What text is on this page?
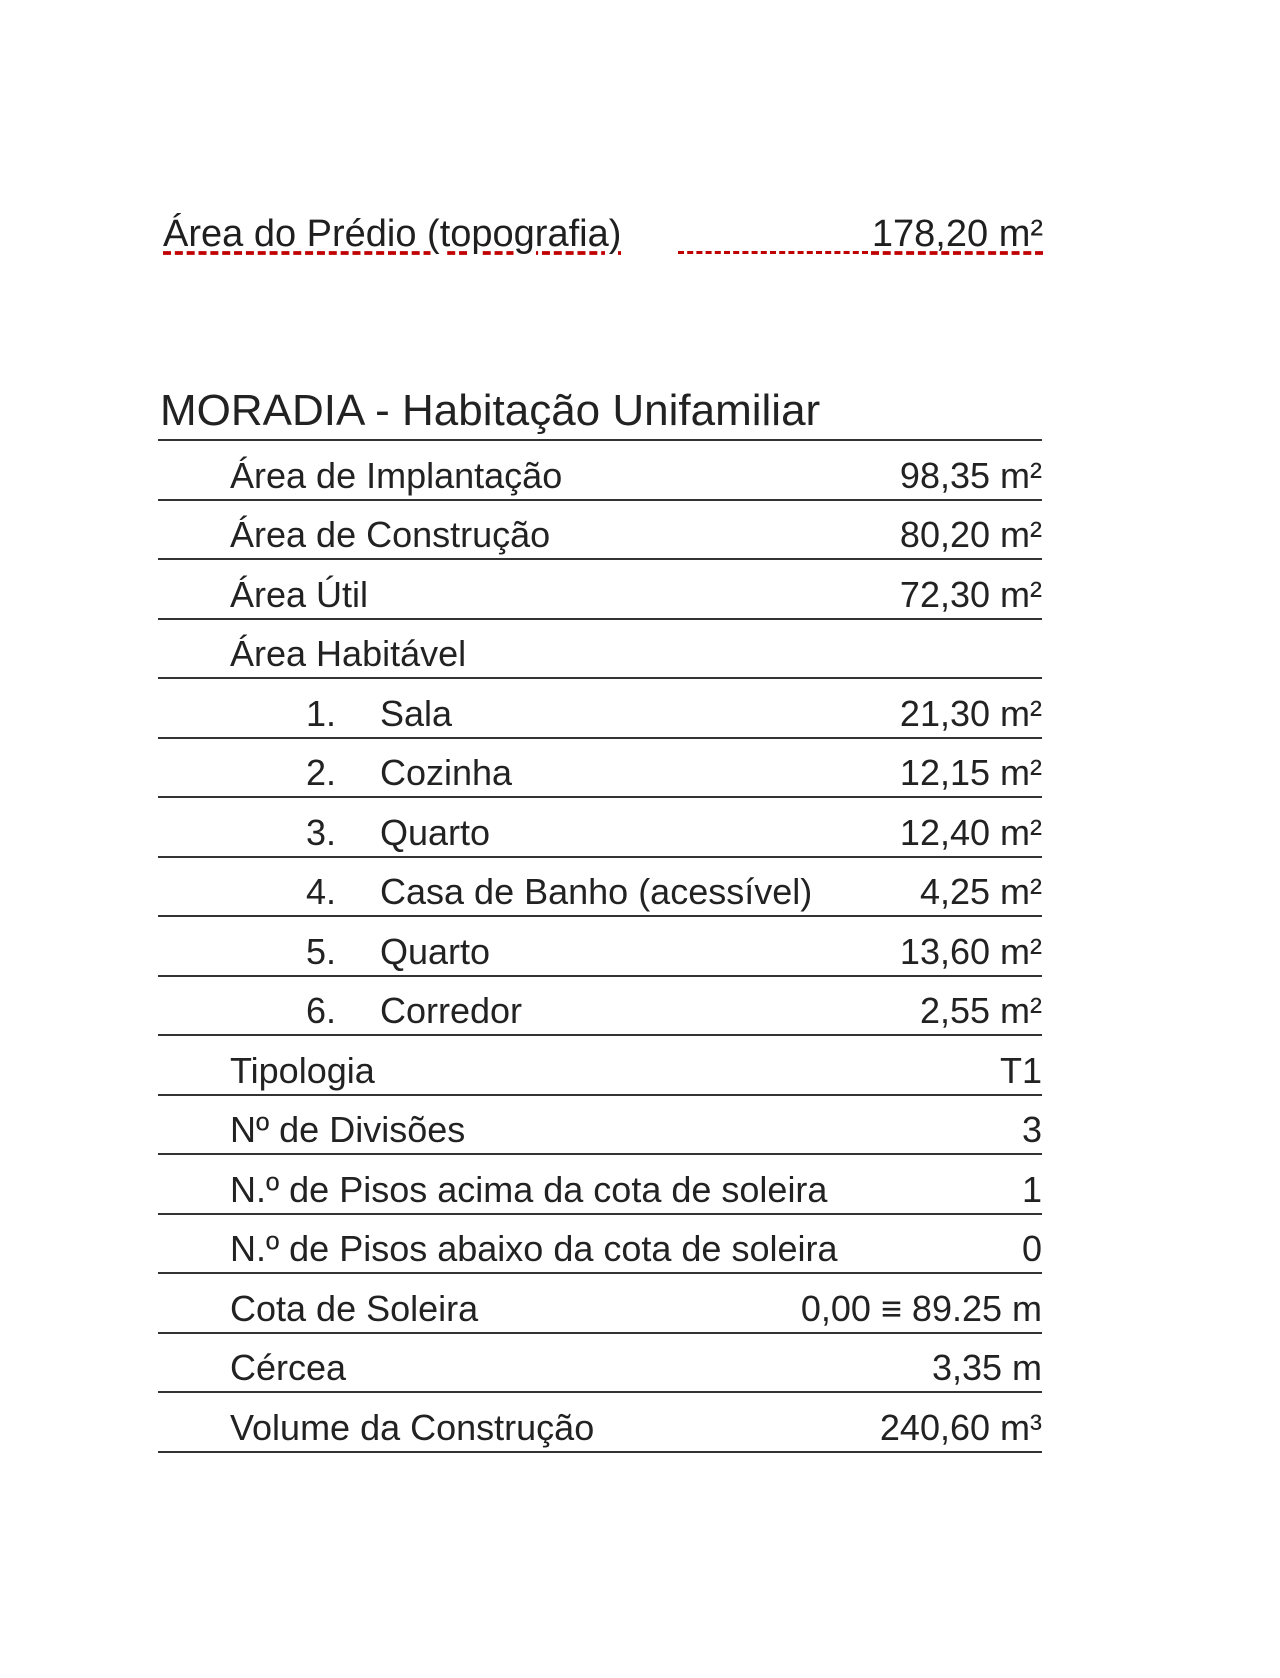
Área do Prédio (topografia)	178,20 m²
MORADIA - Habitação Unifamiliar
Área de Implantação	98,35 m²
Área de Construção	80,20 m²
Área Útil	72,30 m²
Área Habitável
1. Sala	21,30 m²
2. Cozinha	12,15 m²
3. Quarto	12,40 m²
4. Casa de Banho (acessível)	4,25 m²
5. Quarto	13,60 m²
6. Corredor	2,55 m²
Tipologia	T1
Nº de Divisões	3
N.º de Pisos acima da cota de soleira	1
N.º de Pisos abaixo da cota de soleira	0
Cota de Soleira	0,00 ≡ 89.25 m
Cércea	3,35 m
Volume da Construção	240,60 m³
